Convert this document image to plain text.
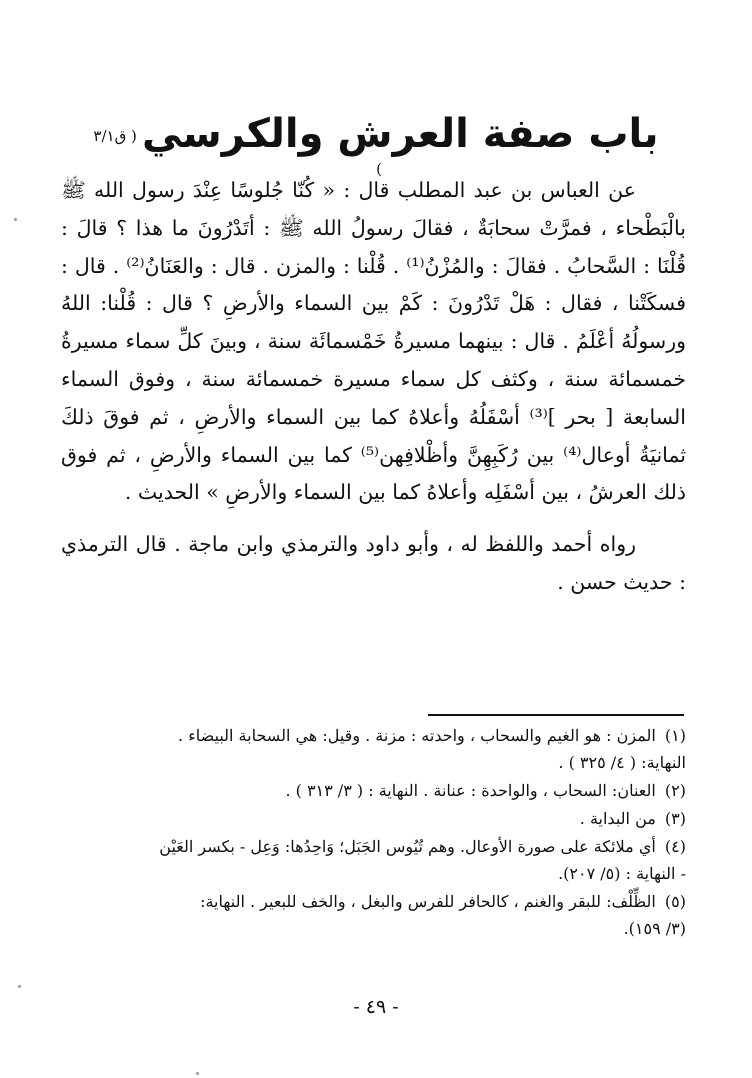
باب صفة العرش والكرسي ( ق٣/١ )

عن العباس بن عبد المطلب قال : « كُنّا جُلوسًا عِنْدَ رسول الله ﷺ بالْبَطْحاء ، فمرَّتْ سحابَةٌ ، فقالَ رسولُ الله ﷺ : أتَدْرُونَ ما هذا ؟ قالَ : قُلْنَا : السَّحابُ . فقالَ : والمُزْنُ⁽¹⁾ . قُلْنا : والمزن . قال : والعَنَانُ⁽²⁾ . قال : فسكَتْنا ، فقال : هَلْ تَدْرُونَ : كَمْ بين السماء والأرضِ ؟ قال : قُلْنا: اللهُ ورسولُهُ أعْلَمُ . قال : بينهما مسيرةُ خَمْسمائَة سنة ، وبينَ كلِّ سماء مسيرةُ خمسمائة سنة ، وكثف كل سماء مسيرة خمسمائة سنة ، وفوق السماء السابعة [ بحر ]⁽³⁾ أسْفَلُهُ وأعلاهُ كما بين السماء والأرضِ ، ثم فوقَ ذلكَ ثمانيَةُ أوعال⁽⁴⁾ بين رُكَبِهِنَّ وأظْلافِهن⁽⁵⁾ كما بين السماء والأرضِ ، ثم فوق ذلك العرشُ ، بين أسْفَلِه وأعلاهُ كما بين السماء والأرضِ » الحديث .

رواه أحمد واللفظ له ، وأبو داود والترمذي وابن ماجة . قال الترمذي : حديث حسن .

(١) المزن : هو الغيم والسحاب ، واحدته : مزنة . وقيل: هي السحابة البيضاء .
النهاية: ( ٤/ ٣٢٥ ) .

(٢) العنان: السحاب ، والواحدة : عنانة . النهاية : ( ٣/ ٣١٣ ) .

(٣) من البداية .

(٤) أي ملائكة على صورة الأوعال. وهم تُيُوس الجَبَل؛ وَاحِدُها: وَعِل - بكسر العَيْن
- النهاية : (٥/ ٢٠٧).

(٥) الظِّلْف: للبقر والغنم ، كالحافر للفرس والبغل ، والخف للبعير . النهاية:
(٣/ ١٥٩).

- ٤٩ -
